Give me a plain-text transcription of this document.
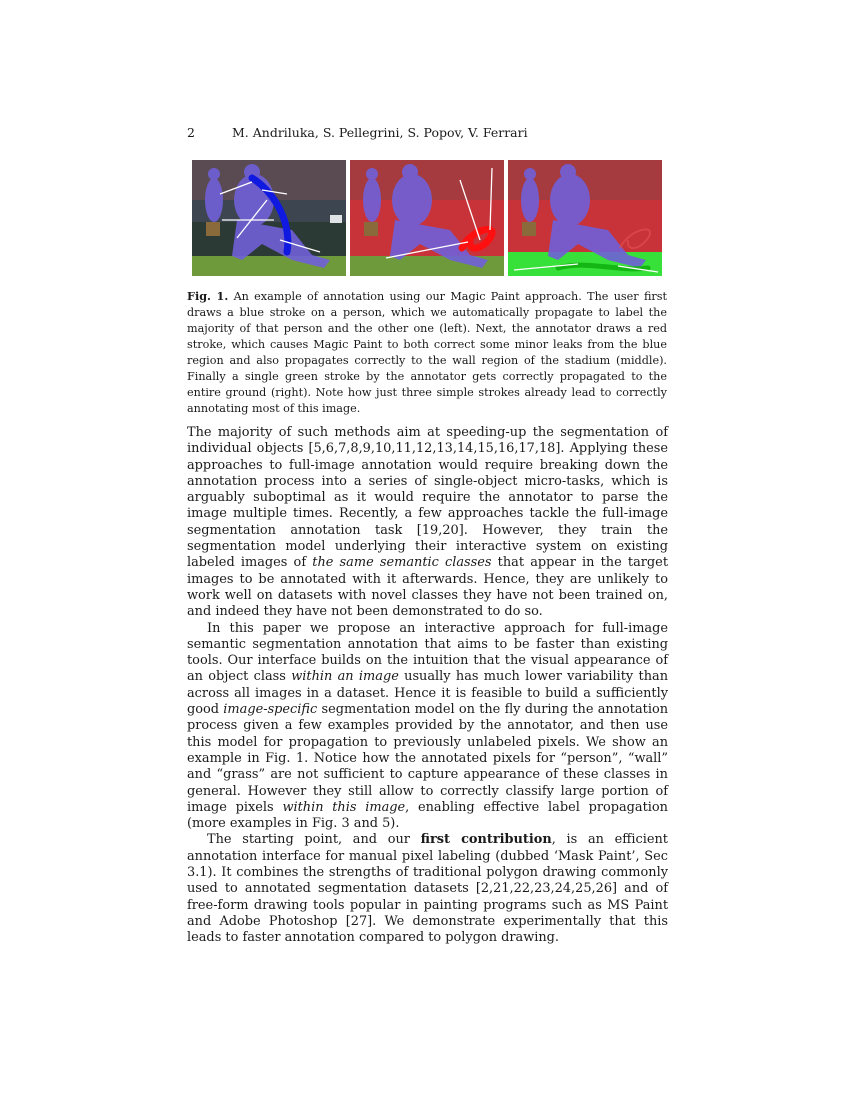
2	M. Andriluka, S. Pellegrini, S. Popov, V. Ferrari
Fig. 1. An example of annotation using our Magic Paint approach. The user first draws a blue stroke on a person, which we automatically propagate to label the majority of that person and the other one (left). Next, the annotator draws a red stroke, which causes Magic Paint to both correct some minor leaks from the blue region and also propagates correctly to the wall region of the stadium (middle). Finally a single green stroke by the annotator gets correctly propagated to the entire ground (right). Note how just three simple strokes already lead to correctly annotating most of this image.

The majority of such methods aim at speeding-up the segmentation of individual objects [5,6,7,8,9,10,11,12,13,14,15,16,17,18]. Applying these approaches to full-image annotation would require breaking down the annotation process into a series of single-object micro-tasks, which is arguably suboptimal as it would require the annotator to parse the image multiple times. Recently, a few approaches tackle the full-image segmentation annotation task [19,20]. However, they train the segmentation model underlying their interactive system on existing labeled images of the same semantic classes that appear in the target images to be annotated with it afterwards. Hence, they are unlikely to work well on datasets with novel classes they have not been trained on, and indeed they have not been demonstrated to do so.

In this paper we propose an interactive approach for full-image semantic segmentation annotation that aims to be faster than existing tools. Our interface builds on the intuition that the visual appearance of an object class within an image usually has much lower variability than across all images in a dataset. Hence it is feasible to build a sufficiently good image-specific segmentation model on the fly during the annotation process given a few examples provided by the annotator, and then use this model for propagation to previously unlabeled pixels. We show an example in Fig. 1. Notice how the annotated pixels for “person”, “wall” and “grass” are not sufficient to capture appearance of these classes in general. However they still allow to correctly classify large portion of image pixels within this image, enabling effective label propagation (more examples in Fig. 3 and 5).

The starting point, and our first contribution, is an efficient annotation interface for manual pixel labeling (dubbed ‘Mask Paint’, Sec 3.1). It combines the strengths of traditional polygon drawing commonly used to annotated segmentation datasets [2,21,22,23,24,25,26] and of free-form drawing tools popular in painting programs such as MS Paint and Adobe Photoshop [27]. We demonstrate experimentally that this leads to faster annotation compared to polygon drawing.
